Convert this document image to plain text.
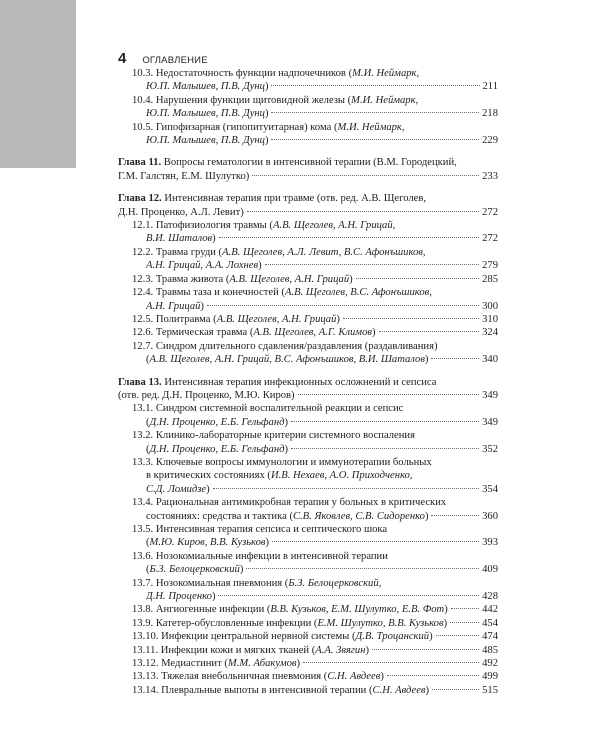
4 ОГЛАВЛЕНИЕ
10.3. Недостаточность функции надпочечников (М.И. Неймарк,
Ю.П. Малышев, П.В. Дунц)	211
10.4. Нарушения функции щитовидной железы (М.И. Неймарк,
Ю.П. Малышев, П.В. Дунц)	218
10.5. Гипофизарная (гипопитуитарная) кома (М.И. Неймарк,
Ю.П. Малышев, П.В. Дунц)	229
Глава 11. Вопросы гематологии в интенсивной терапии (В.М. Городецкий,
Г.М. Галстян, Е.М. Шулутко)	233
Глава 12. Интенсивная терапия при травме (отв. ред. А.В. Щеголев,
Д.Н. Проценко, А.Л. Левит)	272
12.1. Патофизиология травмы (А.В. Щеголев, А.Н. Грицай,
В.И. Шаталов)	272
12.2. Травма груди (А.В. Щеголев, А.Л. Левит, В.С. Афонъшиков,
А.Н. Грицай, А.А. Лохнев)	279
12.3. Травма живота (А.В. Щеголев, А.Н. Грицай)	285
12.4. Травмы таза и конечностей (А.В. Щеголев, В.С. Афонъшиков,
А.Н. Грицай)	300
12.5. Политравма (А.В. Щеголев, А.Н. Грицай)	310
12.6. Термическая травма (А.В. Щеголев, А.Г. Климов)	324
12.7. Синдром длительного сдавления/раздавления (раздавливания)
(А.В. Щеголев, А.Н. Грицай, В.С. Афонъшиков, В.И. Шаталов)	340
Глава 13. Интенсивная терапия инфекционных осложнений и сепсиса
(отв. ред. Д.Н. Проценко, М.Ю. Киров)	349
13.1. Синдром системной воспалительной реакции и сепсис
(Д.Н. Проценко, Е.Б. Гельфанд)	349
13.2. Клинико-лабораторные критерии системного воспаления
(Д.Н. Проценко, Е.Б. Гельфанд)	352
13.3. Ключевые вопросы иммунологии и иммунотерапии больных
в критических состояниях (И.В. Нехаев, А.О. Приходченко,
С.Д. Ломидзе)	354
13.4. Рациональная антимикробная терапия у больных в критических
состояниях: средства и тактика (С.В. Яковлев, С.В. Сидоренко)	360
13.5. Интенсивная терапия сепсиса и септического шока
(М.Ю. Киров, В.В. Кузьков)	393
13.6. Нозокомиальные инфекции в интенсивной терапии
(Б.З. Белоцерковский)	409
13.7. Нозокомиальная пневмония (Б.З. Белоцерковский,
Д.Н. Проценко)	428
13.8. Ангиогенные инфекции (В.В. Кузьков, Е.М. Шулутко, Е.В. Фот)	442
13.9. Катетер-обусловленные инфекции (Е.М. Шулутко, В.В. Кузьков)	454
13.10. Инфекции центральной нервной системы (Д.В. Троцанский)	474
13.11. Инфекции кожи и мягких тканей (А.А. Звягин)	485
13.12. Медиастинит (М.М. Абакумов)	492
13.13. Тяжелая внебольничная пневмония (С.Н. Авдеев)	499
13.14. Плевральные выпоты в интенсивной терапии (С.Н. Авдеев)	515
